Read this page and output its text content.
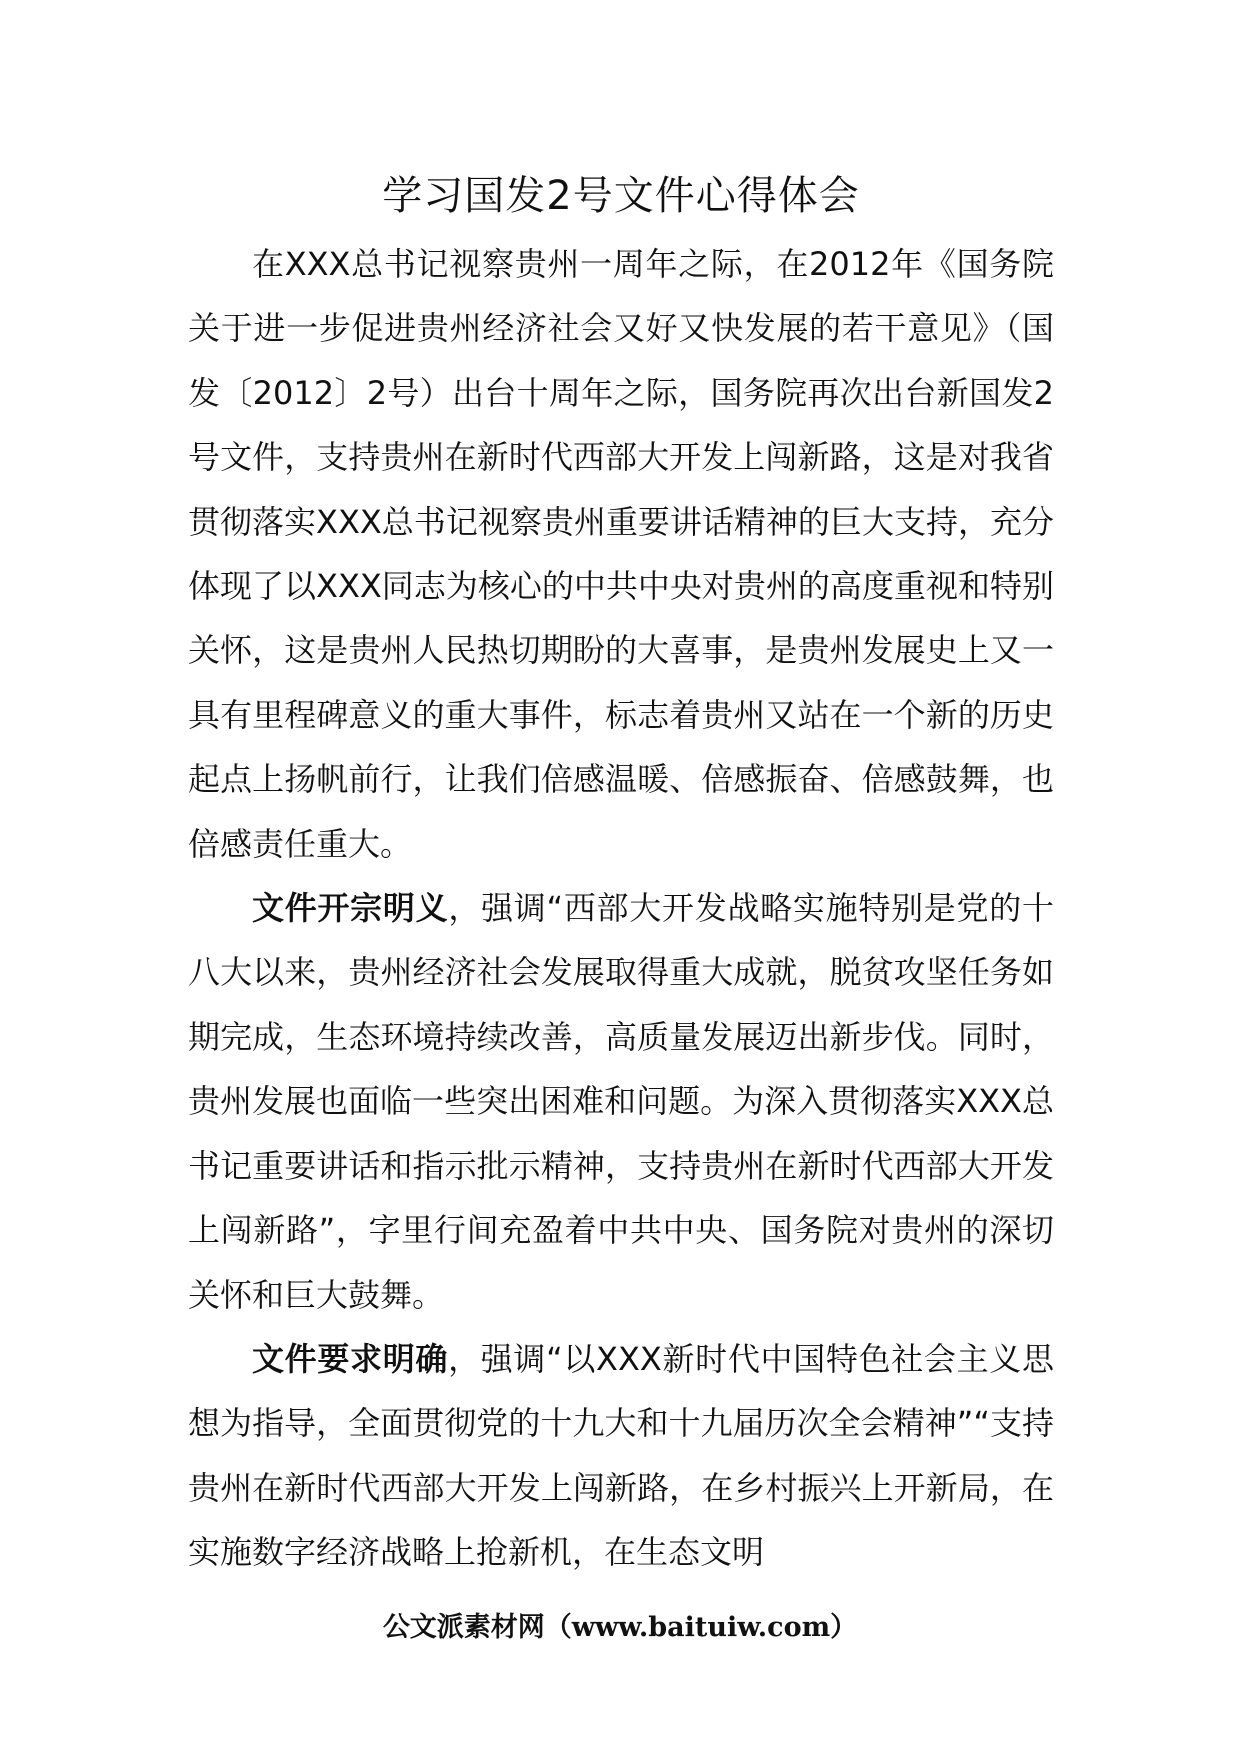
学习国发2号文件心得体会

在XXX总书记视察贵州一周年之际，在2012年《国务院关于进一步促进贵州经济社会又好又快发展的若干意见》（国发〔2012〕2号）出台十周年之际，国务院再次出台新国发2号文件，支持贵州在新时代西部大开发上闯新路，这是对我省贯彻落实XXX总书记视察贵州重要讲话精神的巨大支持，充分体现了以XXX同志为核心的中共中央对贵州的高度重视和特别关怀，这是贵州人民热切期盼的大喜事，是贵州发展史上又一具有里程碑意义的重大事件，标志着贵州又站在一个新的历史起点上扬帆前行，让我们倍感温暖、倍感振奋、倍感鼓舞，也倍感责任重大。

文件开宗明义，强调“西部大开发战略实施特别是党的十八大以来，贵州经济社会发展取得重大成就，脱贫攻坚任务如期完成，生态环境持续改善，高质量发展迈出新步伐。同时，贵州发展也面临一些突出困难和问题。为深入贯彻落实XXX总书记重要讲话和指示批示精神，支持贵州在新时代西部大开发上闯新路”，字里行间充盈着中共中央、国务院对贵州的深切关怀和巨大鼓舞。

文件要求明确，强调“以XXX新时代中国特色社会主义思想为指导，全面贯彻党的十九大和十九届历次全会精神”“支持贵州在新时代西部大开发上闯新路，在乡村振兴上开新局，在实施数字经济战略上抢新机，在生态文明

公文派素材网（www.baituiw.com）
